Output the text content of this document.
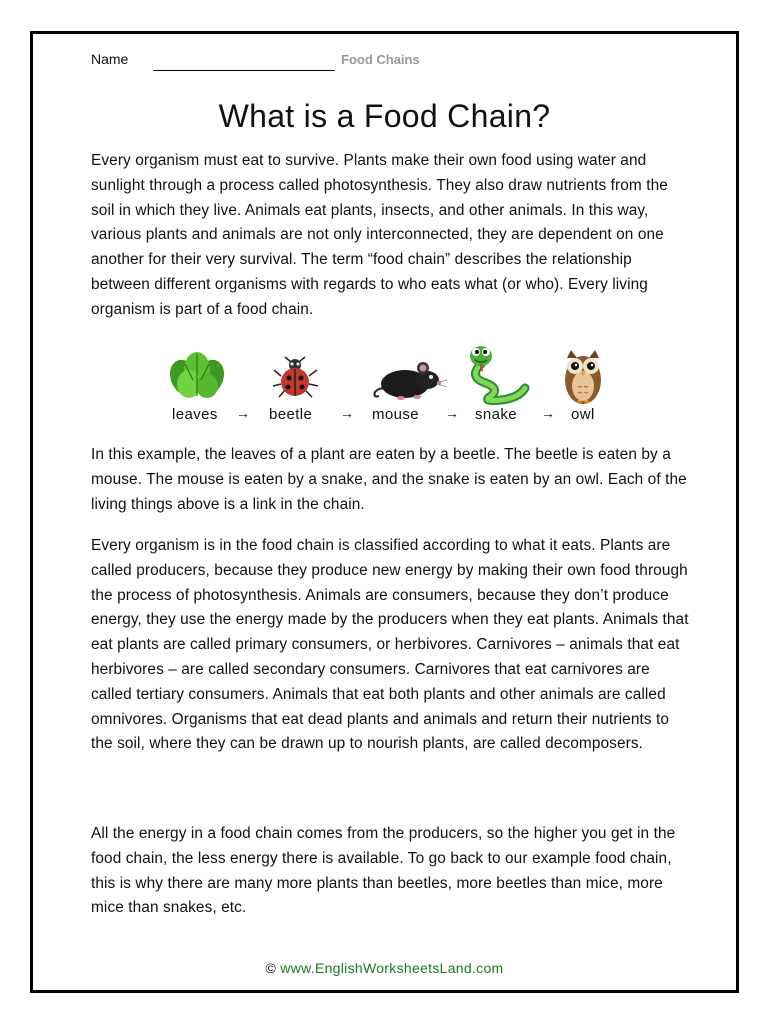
Name	Food Chains
What is a Food Chain?

Every organism must eat to survive. Plants make their own food using water and sunlight through a process called photosynthesis. They also draw nutrients from the soil in which they live. Animals eat plants, insects, and other animals. In this way, various plants and animals are not only interconnected, they are dependent on one another for their very survival. The term “food chain” describes the relationship between different organisms with regards to who eats what (or who). Every living organism is part of a food chain.

leaves → beetle → mouse → snake → owl

In this example, the leaves of a plant are eaten by a beetle. The beetle is eaten by a mouse. The mouse is eaten by a snake, and the snake is eaten by an owl. Each of the living things above is a link in the chain.

Every organism is in the food chain is classified according to what it eats. Plants are called producers, because they produce new energy by making their own food through the process of photosynthesis. Animals are consumers, because they don’t produce energy, they use the energy made by the producers when they eat plants. Animals that eat plants are called primary consumers, or herbivores. Carnivores – animals that eat herbivores – are called secondary consumers. Carnivores that eat carnivores are called tertiary consumers. Animals that eat both plants and other animals are called omnivores. Organisms that eat dead plants and animals and return their nutrients to the soil, where they can be drawn up to nourish plants, are called decomposers.

All the energy in a food chain comes from the producers, so the higher you get in the food chain, the less energy there is available. To go back to our example food chain, this is why there are many more plants than beetles, more beetles than mice, more mice than snakes, etc.

© www.EnglishWorksheetsLand.com
